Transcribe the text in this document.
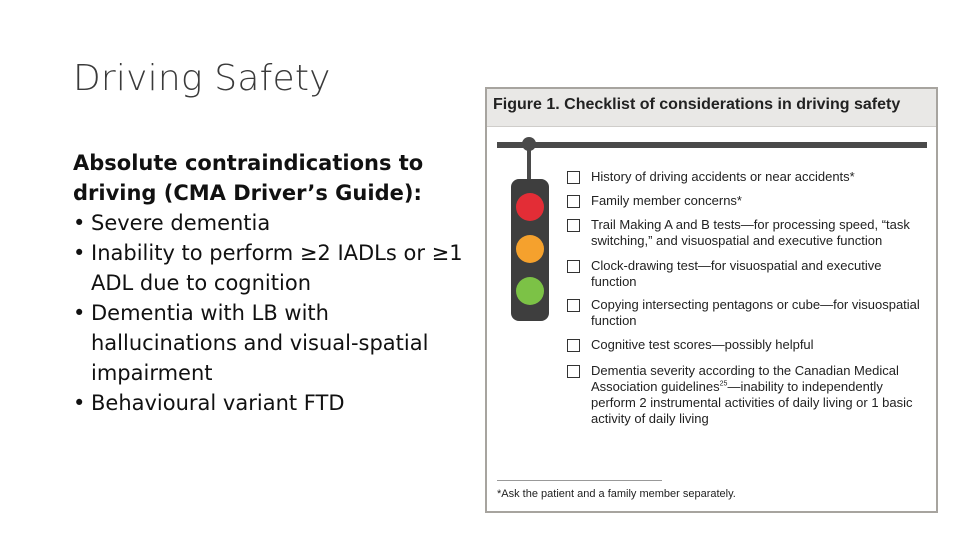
Driving Safety
Absolute contraindications to driving (CMA Driver’s Guide):
• Severe dementia
• Inability to perform ≥2 IADLs or ≥1 ADL due to cognition
• Dementia with LB with hallucinations and visual-spatial impairment
• Behavioural variant FTD
Figure 1. Checklist of considerations in driving safety
History of driving accidents or near accidents*
Family member concerns*
Trail Making A and B tests—for processing speed, “task switching,” and visuospatial and executive function
Clock-drawing test—for visuospatial and executive function
Copying intersecting pentagons or cube—for visuospatial function
Cognitive test scores—possibly helpful
Dementia severity according to the Canadian Medical Association guidelines$^{25}$—inability to independently perform 2 instrumental activities of daily living or 1 basic activity of daily living
*Ask the patient and a family member separately.
